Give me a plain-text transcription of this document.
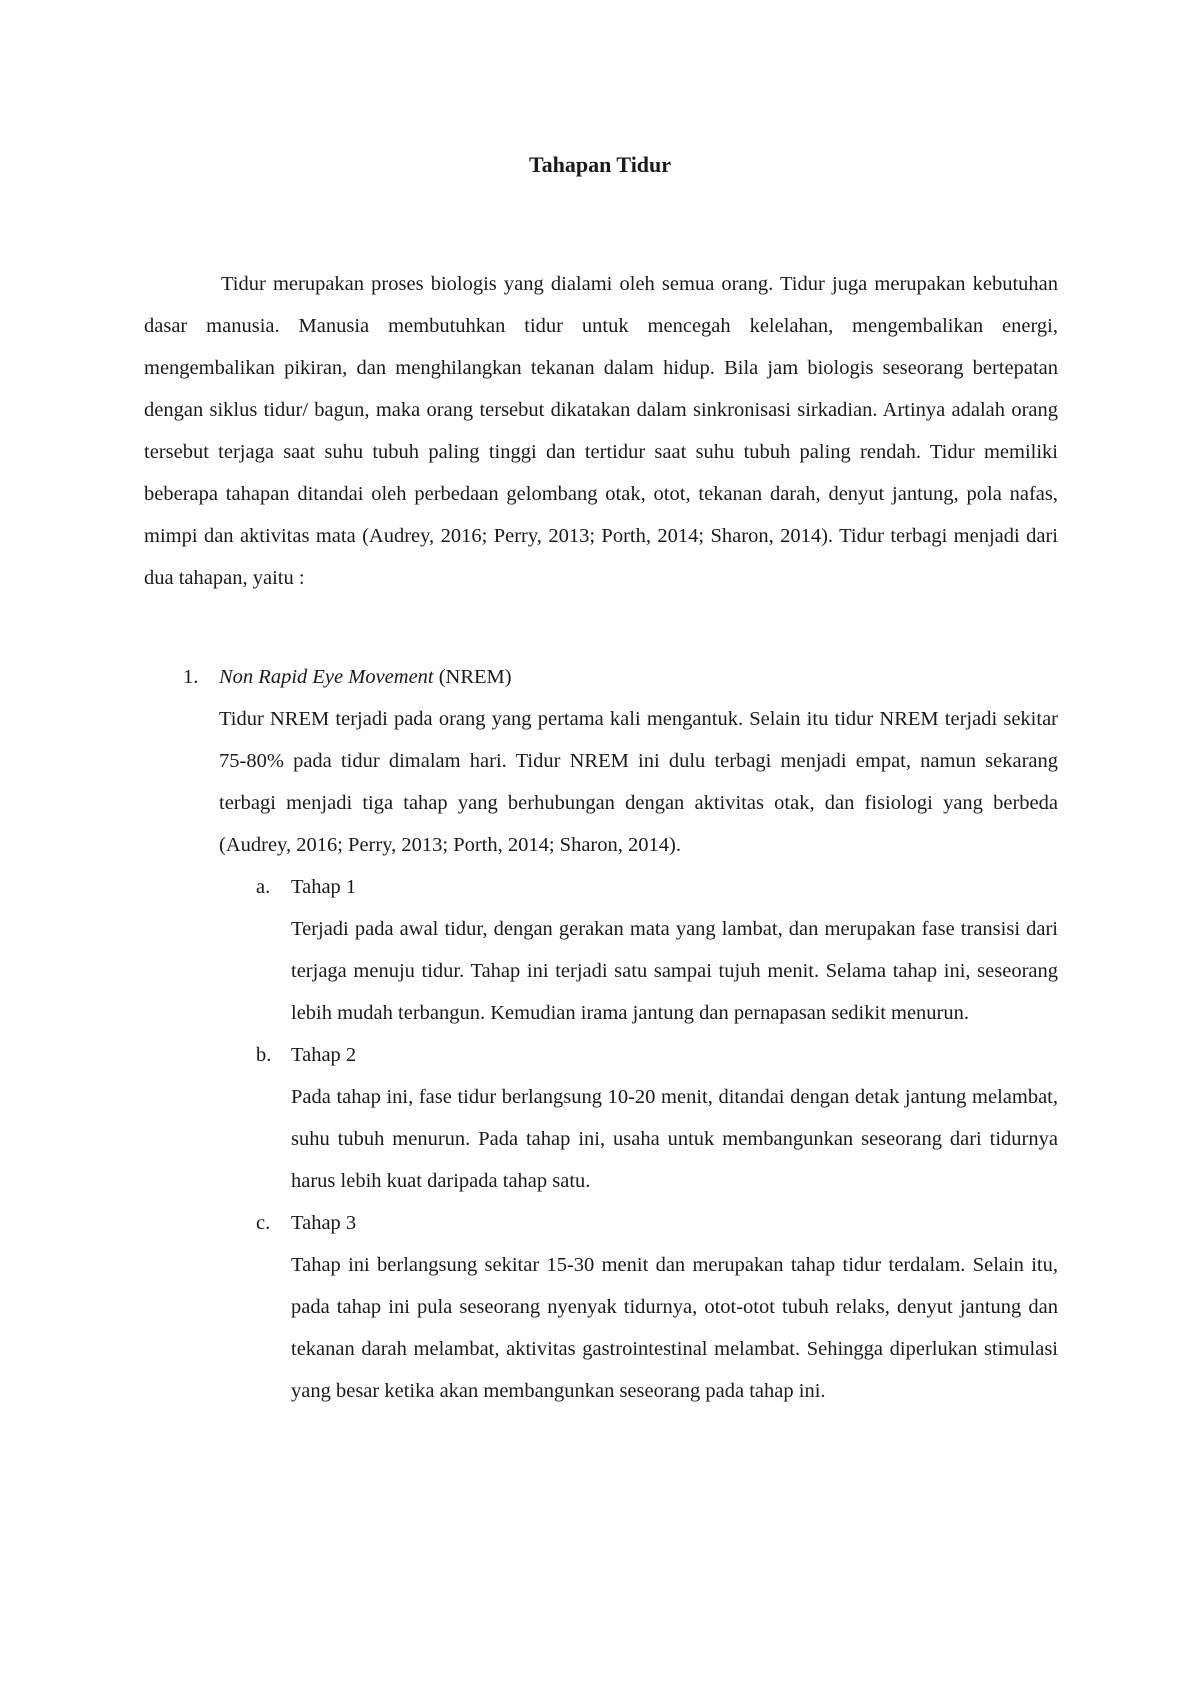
Tahapan Tidur

Tidur merupakan proses biologis yang dialami oleh semua orang. Tidur juga merupakan kebutuhan dasar manusia. Manusia membutuhkan tidur untuk mencegah kelelahan, mengembalikan energi, mengembalikan pikiran, dan menghilangkan tekanan dalam hidup. Bila jam biologis seseorang bertepatan dengan siklus tidur/ bagun, maka orang tersebut dikatakan dalam sinkronisasi sirkadian. Artinya adalah orang tersebut terjaga saat suhu tubuh paling tinggi dan tertidur saat suhu tubuh paling rendah. Tidur memiliki beberapa tahapan ditandai oleh perbedaan gelombang otak, otot, tekanan darah, denyut jantung, pola nafas, mimpi dan aktivitas mata (Audrey, 2016; Perry, 2013; Porth, 2014; Sharon, 2014). Tidur terbagi menjadi dari dua tahapan, yaitu :

1. Non Rapid Eye Movement (NREM)

Tidur NREM terjadi pada orang yang pertama kali mengantuk. Selain itu tidur NREM terjadi sekitar 75-80% pada tidur dimalam hari. Tidur NREM ini dulu terbagi menjadi empat, namun sekarang terbagi menjadi tiga tahap yang berhubungan dengan aktivitas otak, dan fisiologi yang berbeda (Audrey, 2016; Perry, 2013; Porth, 2014; Sharon, 2014).

a. Tahap 1

Terjadi pada awal tidur, dengan gerakan mata yang lambat, dan merupakan fase transisi dari terjaga menuju tidur. Tahap ini terjadi satu sampai tujuh menit. Selama tahap ini, seseorang lebih mudah terbangun. Kemudian irama jantung dan pernapasan sedikit menurun.

b. Tahap 2

Pada tahap ini, fase tidur berlangsung 10-20 menit, ditandai dengan detak jantung melambat, suhu tubuh menurun. Pada tahap ini, usaha untuk membangunkan seseorang dari tidurnya harus lebih kuat daripada tahap satu.

c. Tahap 3

Tahap ini berlangsung sekitar 15-30 menit dan merupakan tahap tidur terdalam. Selain itu, pada tahap ini pula seseorang nyenyak tidurnya, otot-otot tubuh relaks, denyut jantung dan tekanan darah melambat, aktivitas gastrointestinal melambat. Sehingga diperlukan stimulasi yang besar ketika akan membangunkan seseorang pada tahap ini.
